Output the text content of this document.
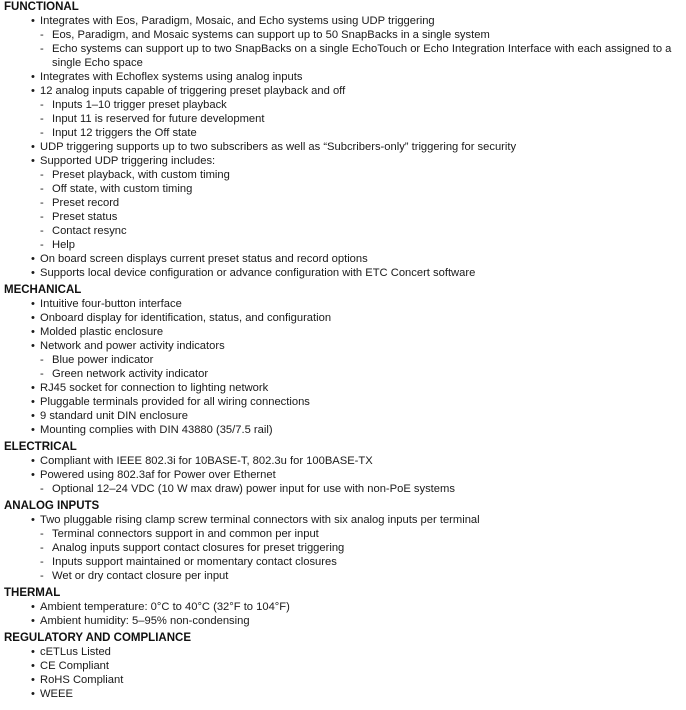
FUNCTIONAL
• Integrates with Eos, Paradigm, Mosaic, and Echo systems using UDP triggering
- Eos, Paradigm, and Mosaic systems can support up to 50 SnapBacks in a single system
- Echo systems can support up to two SnapBacks on a single EchoTouch or Echo Integration Interface with each assigned to a single Echo space
• Integrates with Echoflex systems using analog inputs
• 12 analog inputs capable of triggering preset playback and off
- Inputs 1–10 trigger preset playback
- Input 11 is reserved for future development
- Input 12 triggers the Off state
• UDP triggering supports up to two subscribers as well as “Subcribers-only” triggering for security
• Supported UDP triggering includes:
- Preset playback, with custom timing
- Off state, with custom timing
- Preset record
- Preset status
- Contact resync
- Help
• On board screen displays current preset status and record options
• Supports local device configuration or advance configuration with ETC Concert software
MECHANICAL
• Intuitive four-button interface
• Onboard display for identification, status, and configuration
• Molded plastic enclosure
• Network and power activity indicators
- Blue power indicator
- Green network activity indicator
• RJ45 socket for connection to lighting network
• Pluggable terminals provided for all wiring connections
• 9 standard unit DIN enclosure
• Mounting complies with DIN 43880 (35/7.5 rail)
ELECTRICAL
• Compliant with IEEE 802.3i for 10BASE-T, 802.3u for 100BASE-TX
• Powered using 802.3af for Power over Ethernet
- Optional 12–24 VDC (10 W max draw) power input for use with non-PoE systems
ANALOG INPUTS
• Two pluggable rising clamp screw terminal connectors with six analog inputs per terminal
- Terminal connectors support in and common per input
- Analog inputs support contact closures for preset triggering
- Inputs support maintained or momentary contact closures
- Wet or dry contact closure per input
THERMAL
• Ambient temperature: 0°C to 40°C (32°F to 104°F)
• Ambient humidity: 5–95% non-condensing
REGULATORY AND COMPLIANCE
• cETLus Listed
• CE Compliant
• RoHS Compliant
• WEEE
